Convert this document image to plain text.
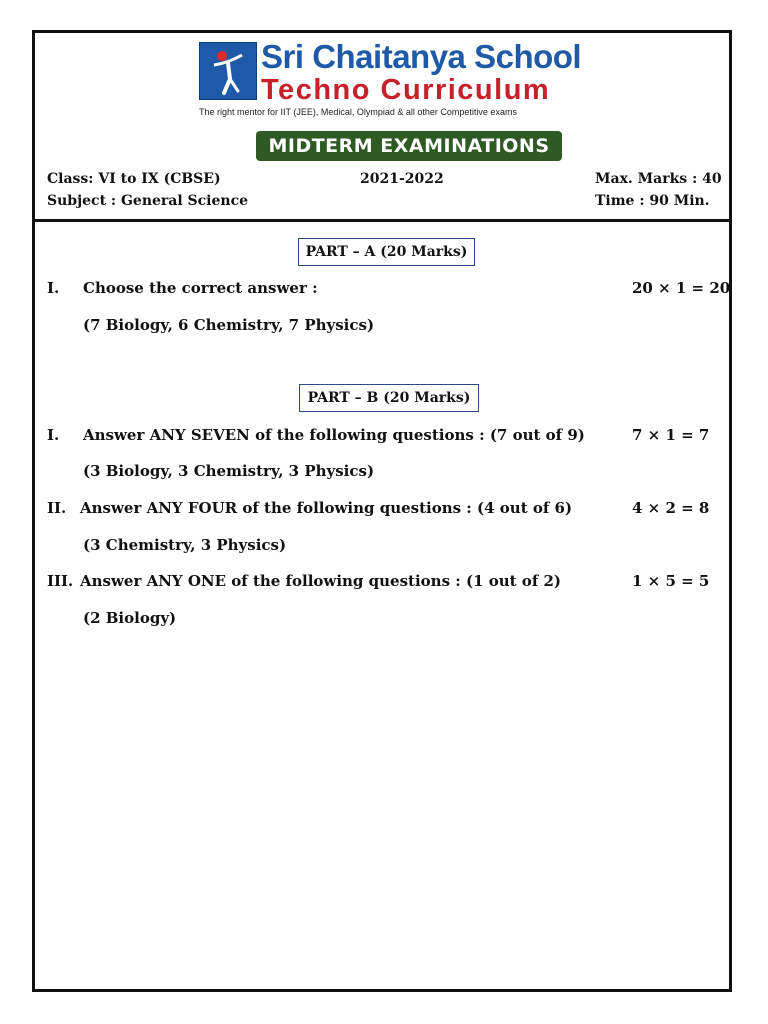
Sri Chaitanya School
Techno Curriculum
The right mentor for IIT (JEE), Medical, Olympiad & all other Competitive exams
MIDTERM EXAMINATIONS
Class: VI to IX (CBSE)	2021-2022	Max. Marks : 40
Subject : General Science	Time : 90 Min.
PART – A (20 Marks)
I. Choose the correct answer :	20 × 1 = 20
(7 Biology, 6 Chemistry, 7 Physics)
PART – B (20 Marks)
I. Answer ANY SEVEN of the following questions : (7 out of 9)	7 × 1 = 7
(3 Biology, 3 Chemistry, 3 Physics)
II. Answer ANY FOUR of the following questions : (4 out of 6)	4 × 2 = 8
(3 Chemistry, 3 Physics)
III. Answer ANY ONE of the following questions : (1 out of 2)	1 × 5 = 5
(2 Biology)
